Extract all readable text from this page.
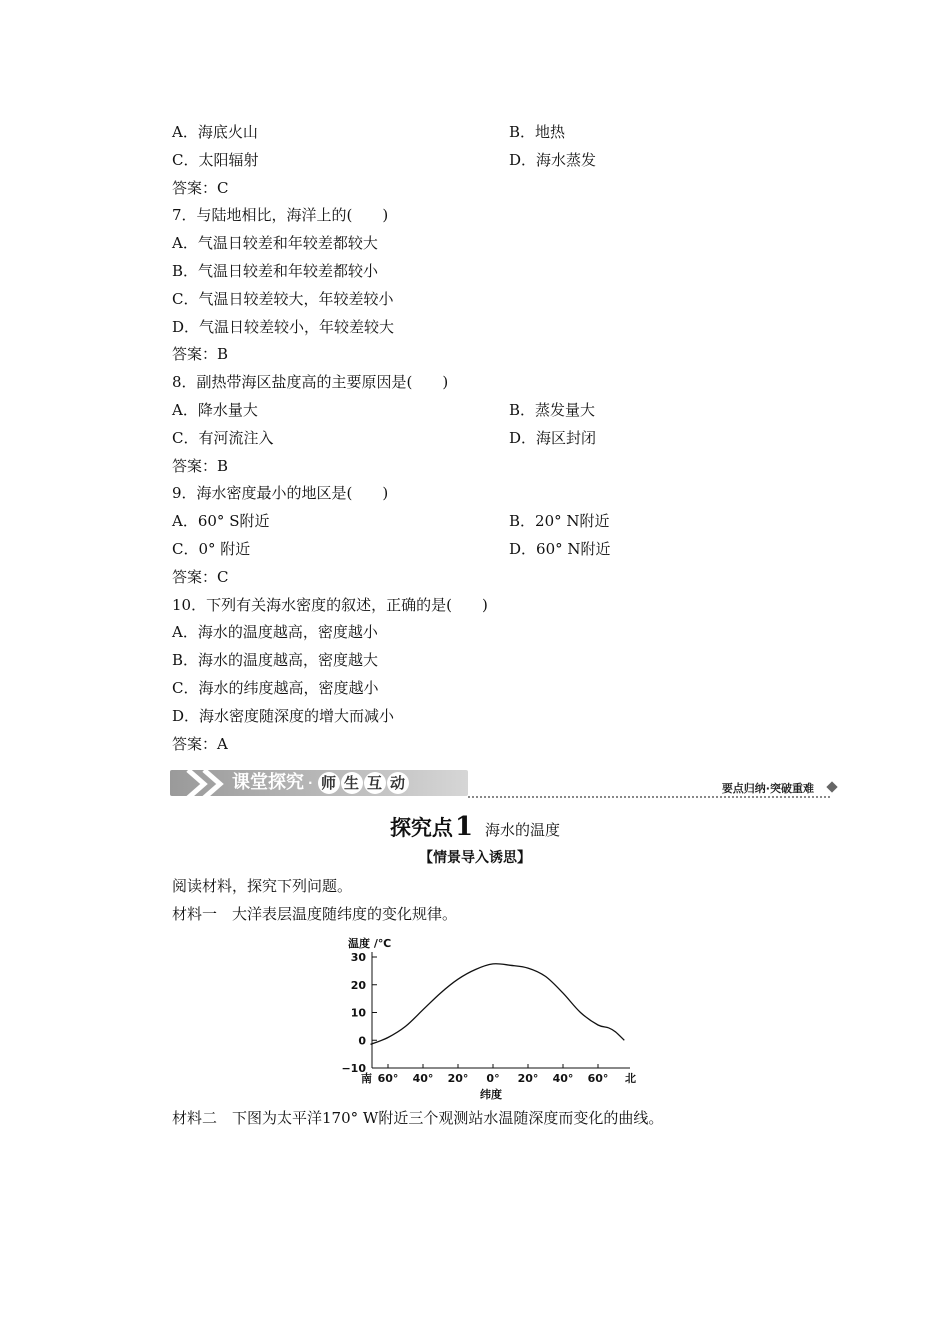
A．海底火山	B．地热
C．太阳辐射	D．海水蒸发
答案：C
7．与陆地相比，海洋上的(　　)
A．气温日较差和年较差都较大
B．气温日较差和年较差都较小
C．气温日较差较大，年较差较小
D．气温日较差较小，年较差较大
答案：B
8．副热带海区盐度高的主要原因是(　　)
A．降水量大	B．蒸发量大
C．有河流注入	D．海区封闭
答案：B
9．海水密度最小的地区是(　　)
A．60° S附近	B．20° N附近
C．0° 附近	D．60° N附近
答案：C
10．下列有关海水密度的叙述，正确的是(　　)
A．海水的温度越高，密度越小
B．海水的温度越高，密度越大
C．海水的纬度越高，密度越小
D．海水密度随深度的增大而减小
答案：A
课堂探究 · 师 生 互 动	要点归纳·突破重难
探究点1 海水的温度
【情景导入诱思】
阅读材料，探究下列问题。
材料一　大洋表层温度随纬度的变化规律。
温度 /℃
30
20
10
0
−10
60° 40° 20° 0° 20° 40° 60°
南	北
纬度
材料二　下图为太平洋170° W附近三个观测站水温随深度而变化的曲线。
